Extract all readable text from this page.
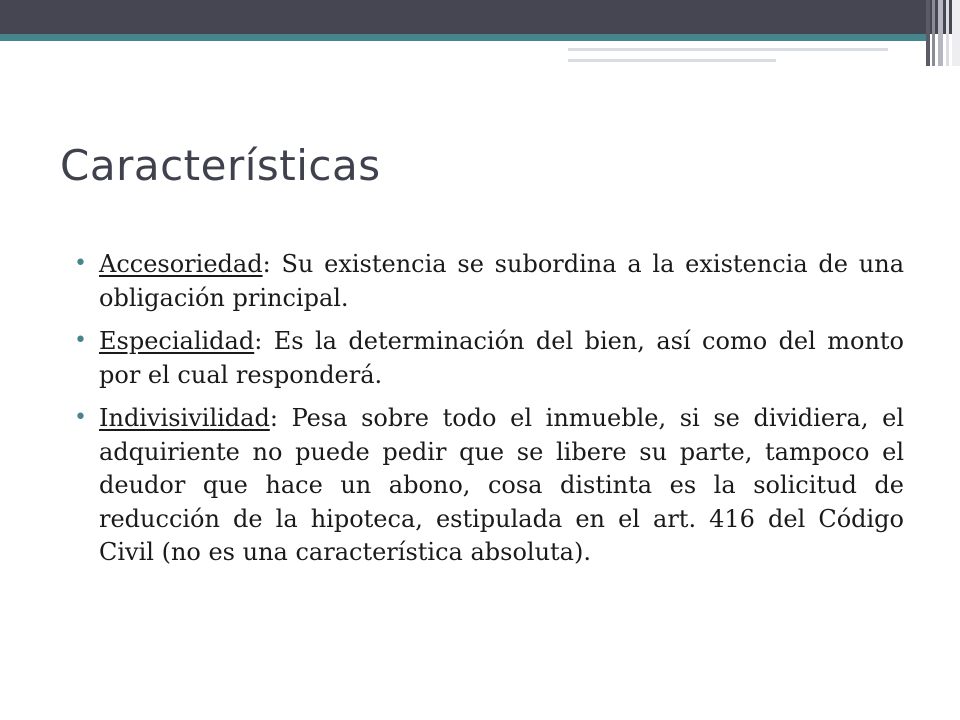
Características

• Accesoriedad: Su existencia se subordina a la existencia de una obligación principal.

• Especialidad: Es la determinación del bien, así como del monto por el cual responderá.

• Indivisivilidad: Pesa sobre todo el inmueble, si se dividiera, el adquiriente no puede pedir que se libere su parte, tampoco el deudor que hace un abono, cosa distinta es la solicitud de reducción de la hipoteca, estipulada en el art. 416 del Código Civil (no es una característica absoluta).
